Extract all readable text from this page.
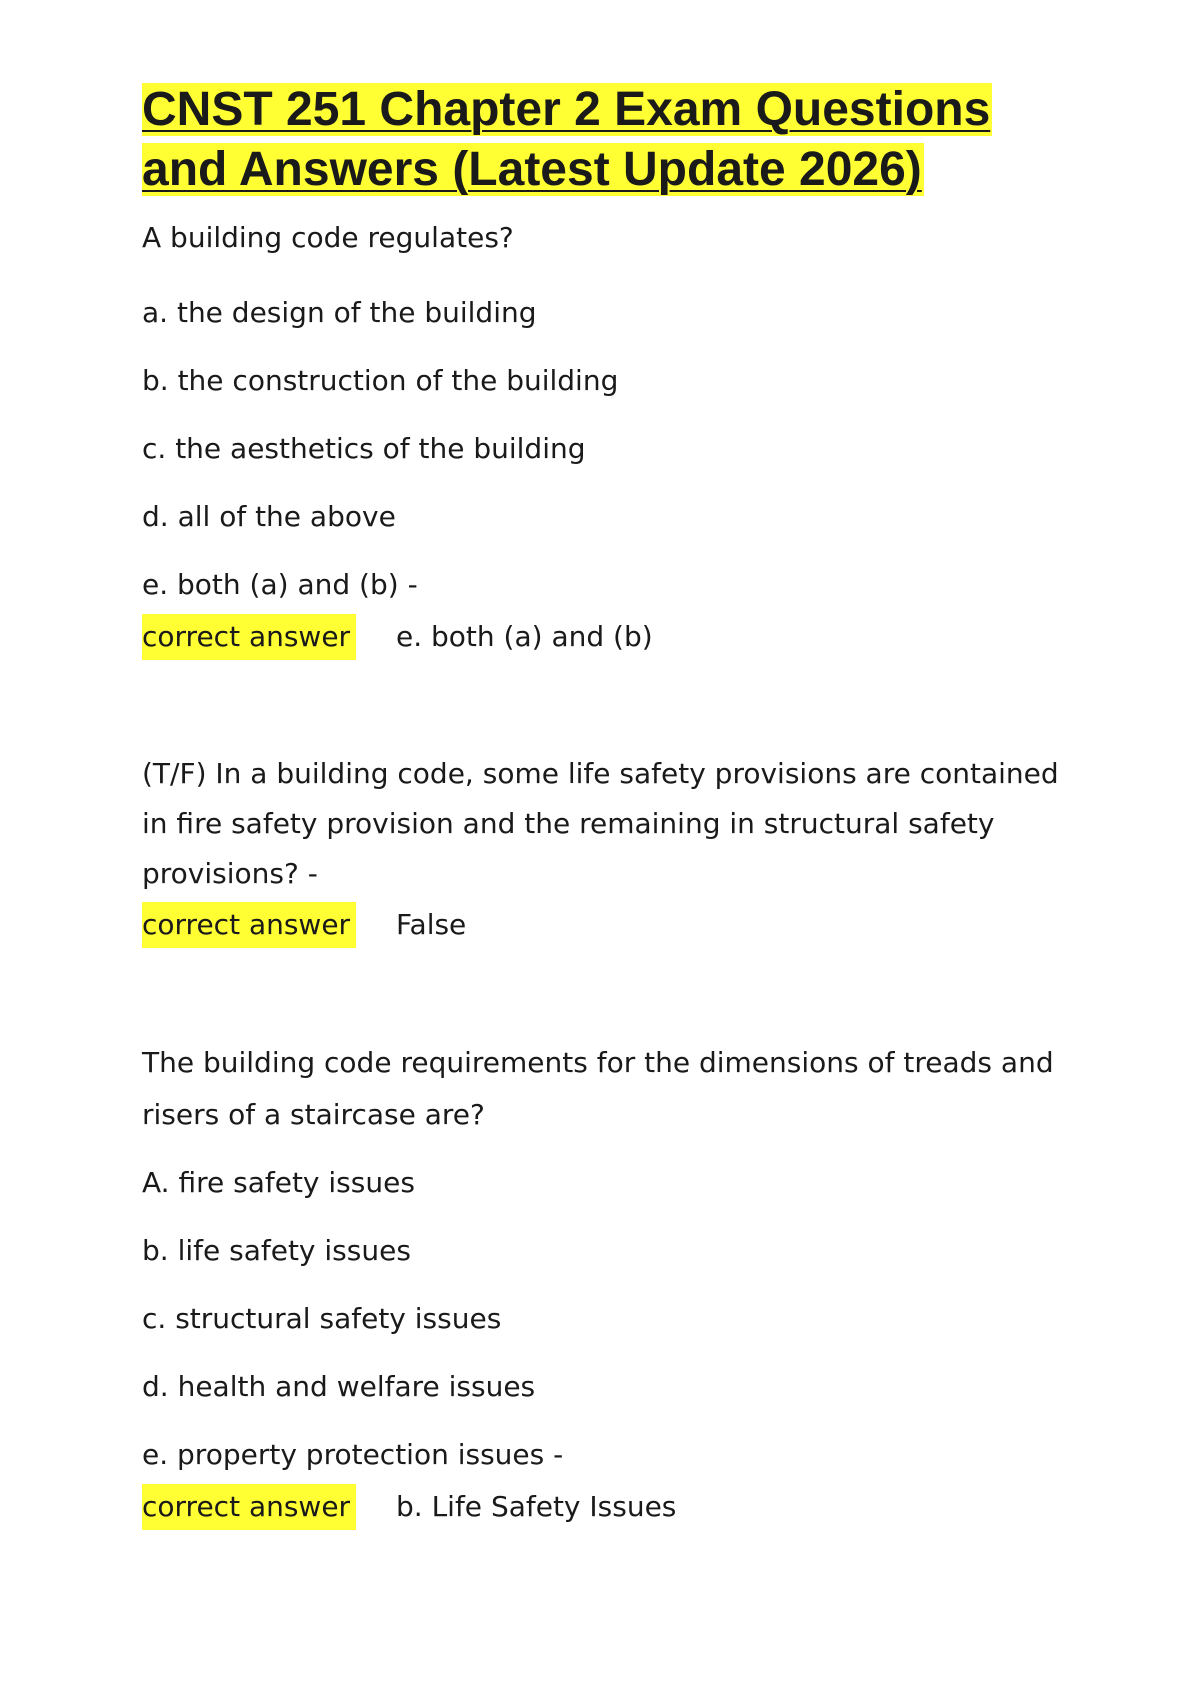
CNST 251 Chapter 2 Exam Questions and Answers (Latest Update 2026)

A building code regulates?

a. the design of the building

b. the construction of the building

c. the aesthetics of the building

d. all of the above

e. both (a) and (b) -

correct answer e. both (a) and (b)

(T/F) In a building code, some life safety provisions are contained in fire safety provision and the remaining in structural safety provisions? -

correct answer False

The building code requirements for the dimensions of treads and risers of a staircase are?

A. fire safety issues

b. life safety issues

c. structural safety issues

d. health and welfare issues

e. property protection issues -

correct answer b. Life Safety Issues
